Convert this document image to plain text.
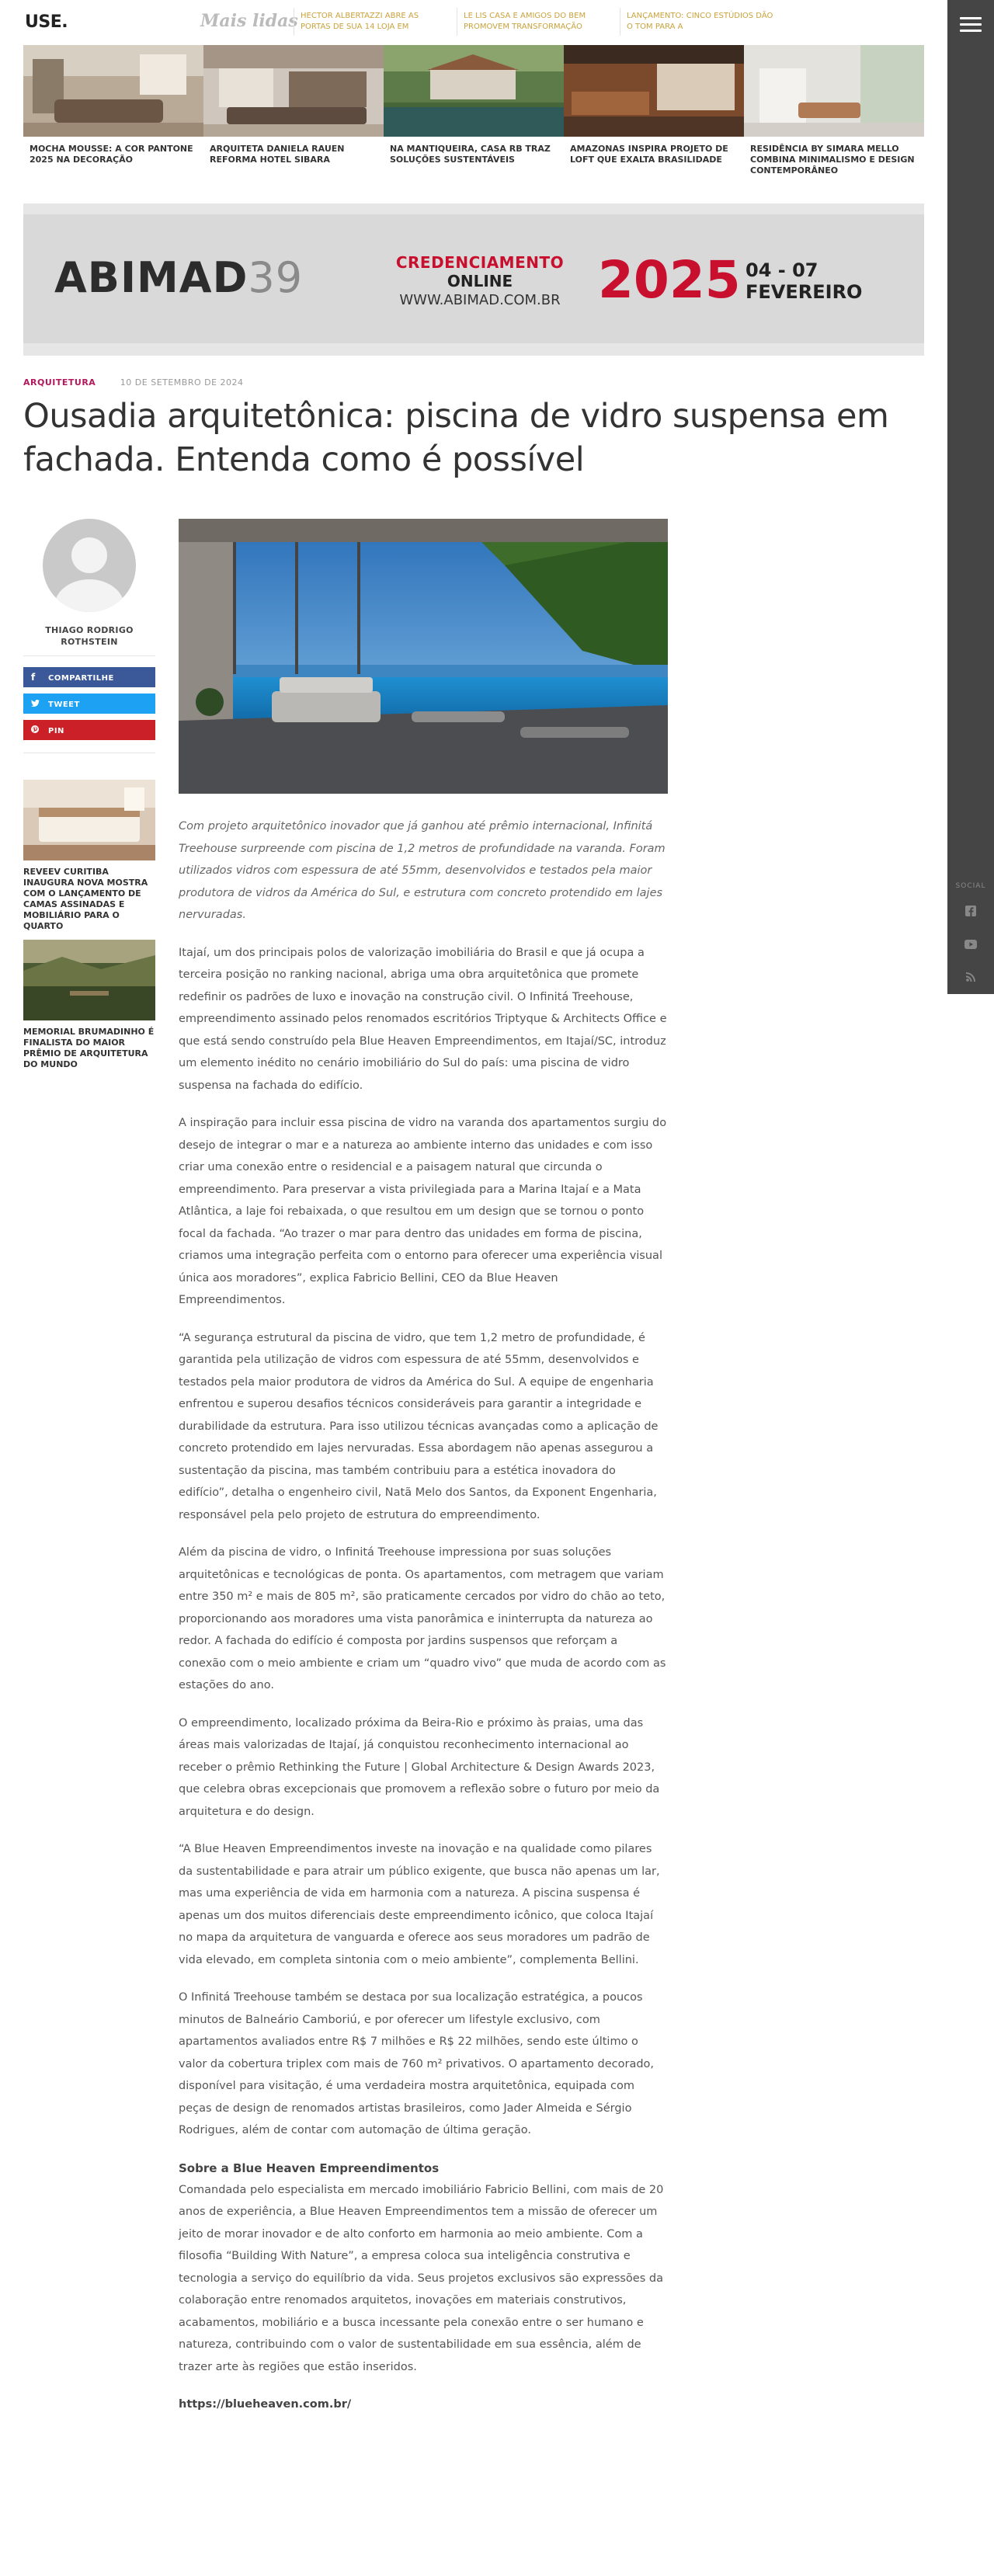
USE.	Mais lidas HECTOR ALBERTAZZI ABRE AS PORTAS DE SUA 14 LOJA EM
LE LIS CASA E AMIGOS DO BEM PROMOVEM TRANSFORMAÇÃO
LANÇAMENTO: CINCO ESTÚDIOS DÃO O TOM PARA A
SOCIAL
MOCHA MOUSSE: A COR PANTONE 2025 NA DECORAÇÃO
ARQUITETA DANIELA RAUEN REFORMA HOTEL SIBARA
NA MANTIQUEIRA, CASA RB TRAZ SOLUÇÕES SUSTENTÁVEIS
AMAZONAS INSPIRA PROJETO DE LOFT QUE EXALTA BRASILIDADE
RESIDÊNCIA BY SIMARA MELLO COMBINA MINIMALISMO E DESIGN CONTEMPORÂNEO
ABIMAD39	CREDENCIAMENTO
ONLINE
WWW.ABIMAD.COM.BR 2025 04 - 07
FEVEREIRO
ARQUITETURA	10 DE SETEMBRO DE 2024
Ousadia arquitetônica: piscina de vidro suspensa em fachada. Entenda como é possível
THIAGO RODRIGO ROTHSTEIN
f COMPARTILHE
TWEET
PIN
REVEEV CURITIBA INAUGURA NOVA MOSTRA COM O LANÇAMENTO DE CAMAS ASSINADAS E MOBILIÁRIO PARA O QUARTO
MEMORIAL BRUMADINHO É FINALISTA DO MAIOR PRÊMIO DE ARQUITETURA DO MUNDO

Com projeto arquitetônico inovador que já ganhou até prêmio internacional, Infinitá Treehouse surpreende com piscina de 1,2 metros de profundidade na varanda. Foram utilizados vidros com espessura de até 55mm, desenvolvidos e testados pela maior produtora de vidros da América do Sul, e estrutura com concreto protendido em lajes nervuradas.

Itajaí, um dos principais polos de valorização imobiliária do Brasil e que já ocupa a terceira posição no ranking nacional, abriga uma obra arquitetônica que promete redefinir os padrões de luxo e inovação na construção civil. O Infinitá Treehouse, empreendimento assinado pelos renomados escritórios Triptyque & Architects Office e que está sendo construído pela Blue Heaven Empreendimentos, em Itajaí/SC, introduz um elemento inédito no cenário imobiliário do Sul do país: uma piscina de vidro suspensa na fachada do edifício.

A inspiração para incluir essa piscina de vidro na varanda dos apartamentos surgiu do desejo de integrar o mar e a natureza ao ambiente interno das unidades e com isso criar uma conexão entre o residencial e a paisagem natural que circunda o empreendimento. Para preservar a vista privilegiada para a Marina Itajaí e a Mata Atlântica, a laje foi rebaixada, o que resultou em um design que se tornou o ponto focal da fachada. “Ao trazer o mar para dentro das unidades em forma de piscina, criamos uma integração perfeita com o entorno para oferecer uma experiência visual única aos moradores”, explica Fabricio Bellini, CEO da Blue Heaven Empreendimentos.

“A segurança estrutural da piscina de vidro, que tem 1,2 metro de profundidade, é garantida pela utilização de vidros com espessura de até 55mm, desenvolvidos e testados pela maior produtora de vidros da América do Sul. A equipe de engenharia enfrentou e superou desafios técnicos consideráveis para garantir a integridade e durabilidade da estrutura. Para isso utilizou técnicas avançadas como a aplicação de concreto protendido em lajes nervuradas. Essa abordagem não apenas assegurou a sustentação da piscina, mas também contribuiu para a estética inovadora do edifício”, detalha o engenheiro civil, Natã Melo dos Santos, da Exponent Engenharia, responsável pela pelo projeto de estrutura do empreendimento.

Além da piscina de vidro, o Infinitá Treehouse impressiona por suas soluções arquitetônicas e tecnológicas de ponta. Os apartamentos, com metragem que variam entre 350 m² e mais de 805 m², são praticamente cercados por vidro do chão ao teto, proporcionando aos moradores uma vista panorâmica e ininterrupta da natureza ao redor. A fachada do edifício é composta por jardins suspensos que reforçam a conexão com o meio ambiente e criam um “quadro vivo” que muda de acordo com as estações do ano.

O empreendimento, localizado próxima da Beira-Rio e próximo às praias, uma das áreas mais valorizadas de Itajaí, já conquistou reconhecimento internacional ao receber o prêmio Rethinking the Future | Global Architecture & Design Awards 2023, que celebra obras excepcionais que promovem a reflexão sobre o futuro por meio da arquitetura e do design.

“A Blue Heaven Empreendimentos investe na inovação e na qualidade como pilares da sustentabilidade e para atrair um público exigente, que busca não apenas um lar, mas uma experiência de vida em harmonia com a natureza. A piscina suspensa é apenas um dos muitos diferenciais deste empreendimento icônico, que coloca Itajaí no mapa da arquitetura de vanguarda e oferece aos seus moradores um padrão de vida elevado, em completa sintonia com o meio ambiente”, complementa Bellini.

O Infinitá Treehouse também se destaca por sua localização estratégica, a poucos minutos de Balneário Camboriú, e por oferecer um lifestyle exclusivo, com apartamentos avaliados entre R$ 7 milhões e R$ 22 milhões, sendo este último o valor da cobertura triplex com mais de 760 m² privativos. O apartamento decorado, disponível para visitação, é uma verdadeira mostra arquitetônica, equipada com peças de design de renomados artistas brasileiros, como Jader Almeida e Sérgio Rodrigues, além de contar com automação de última geração.

Sobre a Blue Heaven Empreendimentos

Comandada pelo especialista em mercado imobiliário Fabricio Bellini, com mais de 20 anos de experiência, a Blue Heaven Empreendimentos tem a missão de oferecer um jeito de morar inovador e de alto conforto em harmonia ao meio ambiente. Com a filosofia “Building With Nature”, a empresa coloca sua inteligência construtiva e tecnologia a serviço do equilíbrio da vida. Seus projetos exclusivos são expressões da colaboração entre renomados arquitetos, inovações em materiais construtivos, acabamentos, mobiliário e a busca incessante pela conexão entre o ser humano e natureza, contribuindo com o valor de sustentabilidade em sua essência, além de trazer arte às regiões que estão inseridos.

https://blueheaven.com.br/
